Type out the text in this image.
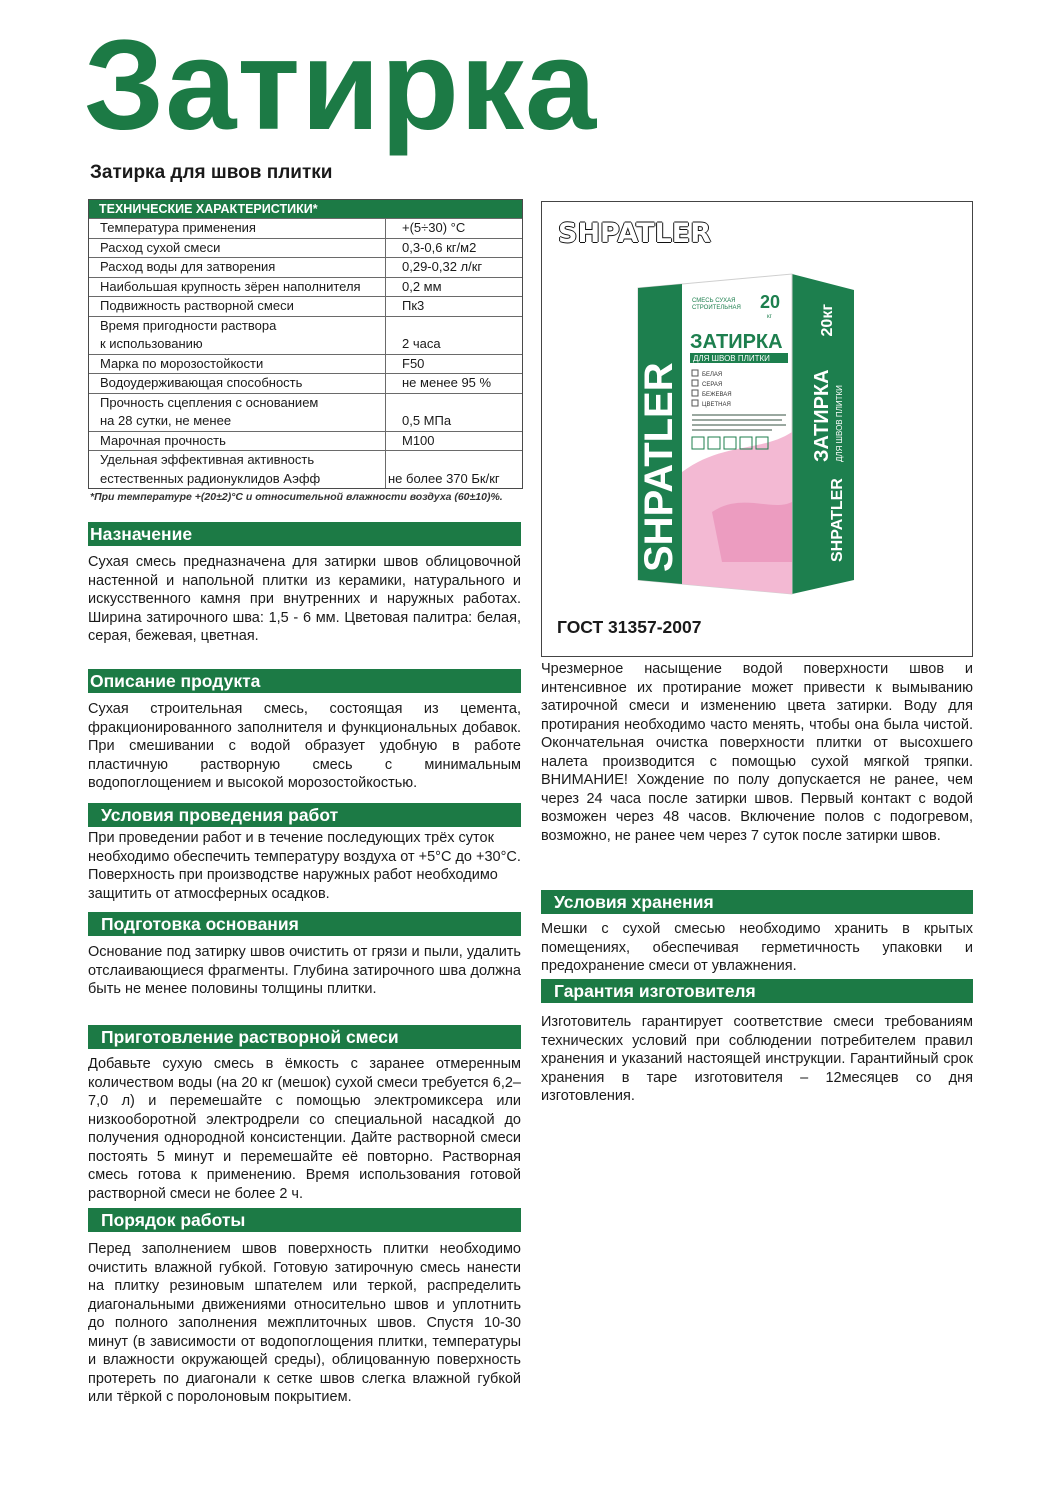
Затирка
Затирка для швов плитки
ТЕХНИЧЕСКИЕ ХАРАКТЕРИСТИКИ*
Температура применения	+(5÷30) °C
Расход сухой смеси	0,3-0,6 кг/м2
Расход воды для затворения	0,29-0,32 л/кг
Наибольшая крупность зёрен наполнителя	0,2 мм
Подвижность растворной смеси	Пк3
Время пригодности раствора
к использованию	2 часа
Марка по морозостойкости	F50
Водоудерживающая способность	не менее 95 %
Прочность сцепления с основанием
на 28 сутки, не менее	0,5 МПа
Марочная прочность	М100
Удельная эффективная активность
естественных радионуклидов Аэфф	не более 370 Бк/кг
*При температуре +(20±2)°С и относительной влажности воздуха (60±10)%.
Назначение
Сухая смесь предназначена для затирки швов облицовочной настенной и напольной плитки из керамики, натурального и искусственного камня при внутренних и наружных работах. Ширина затирочного шва: 1,5 - 6 мм. Цветовая палитра: белая, серая, бежевая, цветная.
Описание продукта
Сухая строительная смесь, состоящая из цемента, фракционированного заполнителя и функциональных добавок. При смешивании с водой образует удобную в работе пластичную растворную смесь с минимальным водопоглощением и высокой морозостойкостью.
Условия проведения работ
При проведении работ и в течение последующих трёх суток необходимо обеспечить температуру воздуха от +5°С до +30°С. Поверхность при производстве наружных работ необходимо защитить от атмосферных осадков.
Подготовка основания
Основание под затирку швов очистить от грязи и пыли, удалить отслаивающиеся фрагменты. Глубина затирочного шва должна быть не менее половины толщины плитки.
Приготовление растворной смеси
Добавьте сухую смесь в ёмкость с заранее отмеренным количеством воды (на 20 кг (мешок) сухой смеси требуется 6,2–7,0 л) и перемешайте с помощью электромиксера или низкооборотной электродрели со специальной насадкой до получения однородной консистенции. Дайте растворной смеси постоять 5 минут и перемешайте её повторно. Растворная смесь готова к применению. Время использования готовой растворной смеси не более 2 ч.
Порядок работы
Перед заполнением швов поверхность плитки необходимо очистить влажной губкой. Готовую затирочную смесь нанести на плитку резиновым шпателем или теркой, распределить диагональными движениями относительно швов и уплотнить до полного заполнения межплиточных швов. Спустя 10-30 минут (в зависимости от водопоглощения плитки, температуры и влажности окружающей среды), облицованную поверхность протереть по диагонали к сетке швов слегка влажной губкой или тёркой с поролоновым покрытием.
SHPATLER
SHPATLER
СМЕСЬ СУХАЯ
СТРОИТЕЛЬНАЯ 20
кг
ЗАТИРКА
ДЛЯ ШВОВ ПЛИТКИ
БЕЛАЯ
СЕРАЯ
БЕЖЕВАЯ
ЦВЕТНАЯ
20кг
ЗАТИРКА ДЛЯ ШВОВ ПЛИТКИ
SHPATLER
ГОСТ 31357-2007
Чрезмерное насыщение водой поверхности швов и интенсивное их протирание может привести к вымыванию затирочной смеси и изменению цвета затирки. Воду для протирания необходимо часто менять, чтобы она была чистой. Окончательная очистка поверхности плитки от высохшего налета производится с помощью сухой мягкой тряпки. ВНИМАНИЕ! Хождение по полу допускается не ранее, чем через 24 часа после затирки швов. Первый контакт с водой возможен через 48 часов. Включение полов с подогревом, возможно, не ранее чем через 7 суток после затирки швов.
Условия хранения
Мешки с сухой смесью необходимо хранить в крытых помещениях, обеспечивая герметичность упаковки и предохранение смеси от увлажнения.
Гарантия изготовителя
Изготовитель гарантирует соответствие смеси требованиям технических условий при соблюдении потребителем правил хранения и указаний настоящей инструкции. Гарантийный срок хранения в таре изготовителя – 12месяцев со дня изготовления.
